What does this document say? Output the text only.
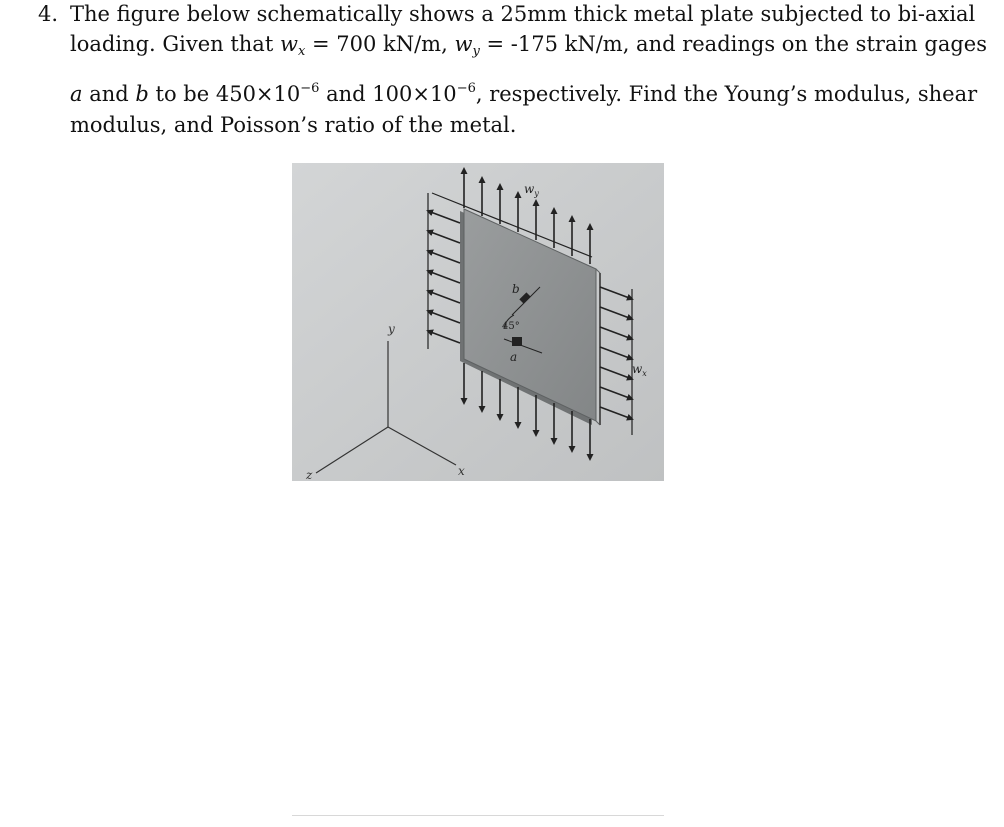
4. The figure below schematically shows a 25mm thick metal plate subjected to bi-axial
loading. Given that $w_x = 700$ kN/m, $w_y = -175$ kN/m, and readings on the strain gages
a and b to be $450\times 10^{-6}$ and $100\times 10^{-6}$, respectively. Find the Young’s modulus, shear
modulus, and Poisson’s ratio of the metal.
$w_y$
$w_x$
b
a
45°
y
x
z
